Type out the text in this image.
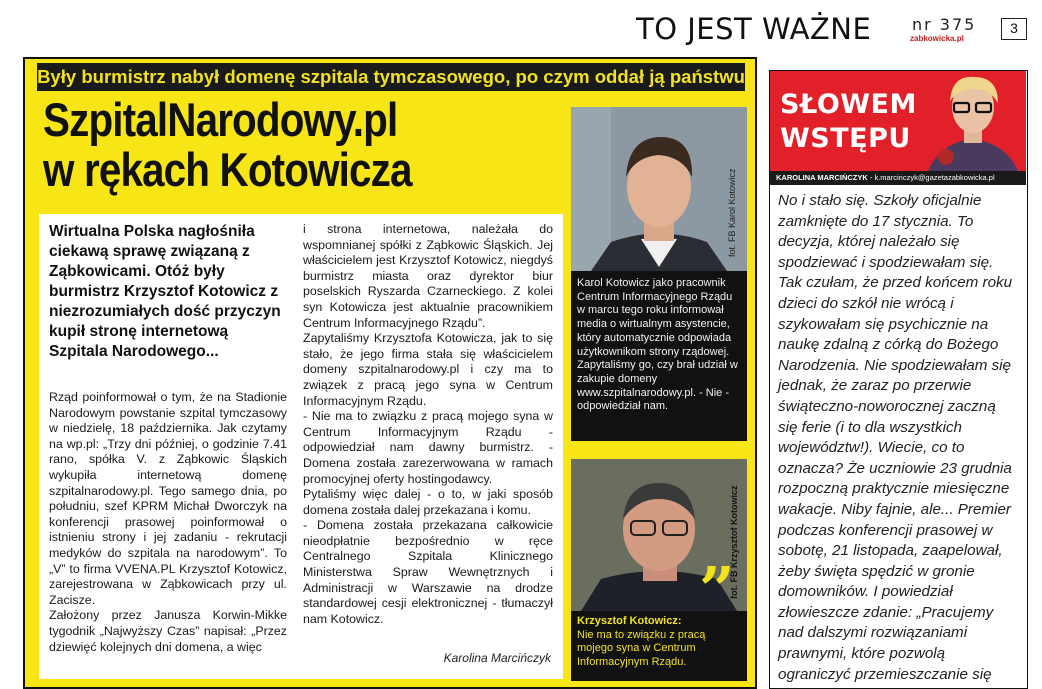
TO JEST WAŻNE	nr 375
zabkowicka.pl
3
Były burmistrz nabył domenę szpitala tymczasowego, po czym oddał ją państwu
SzpitalNarodowy.pl
w rękach Kotowicza
Wirtualna Polska nagłośniła ciekawą sprawę związaną z Ząbkowicami. Otóż były burmistrz Krzysztof Kotowicz z niezrozumiałych dość przyczyn kupił stronę internetową Szpitala Narodowego...

Rząd poinformował o tym, że na Stadionie Narodowym powstanie szpital tymczasowy w niedzielę, 18 października. Jak czytamy na wp.pl: „Trzy dni później, o godzinie 7.41 rano, spółka V. z Ząbkowic Śląskich wykupiła internetową domenę szpitalnarodowy.pl. Tego samego dnia, po południu, szef KPRM Michał Dworczyk na konferencji prasowej poinformował o istnieniu strony i jej zadaniu - rekrutacji medyków do szpitala na narodowym”. To „V” to firma VVENA.PL Krzysztof Kotowicz, zarejestrowana w Ząbkowicach przy ul. Zacisze.

Założony przez Janusza Korwin-Mikke tygodnik „Najwyższy Czas” napisał: „Przez dziewięć kolejnych dni domena, a więc

i strona internetowa, należała do wspomnianej spółki z Ząbkowic Śląskich. Jej właścicielem jest Krzysztof Kotowicz, niegdyś burmistrz miasta oraz dyrektor biur poselskich Ryszarda Czarneckiego. Z kolei syn Kotowicza jest aktualnie pracownikiem Centrum Informacyjnego Rządu”.

Zapytaliśmy Krzysztofa Kotowicza, jak to się stało, że jego firma stała się właścicielem domeny szpitalnarodowy.pl i czy ma to związek z pracą jego syna w Centrum Informacyjnym Rządu.

- Nie ma to związku z pracą mojego syna w Centrum Informacyjnym Rządu - odpowiedział nam dawny burmistrz. - Domena została zarezerwowana w ramach promocyjnej oferty hostingodawcy.

Pytaliśmy więc dalej - o to, w jaki sposób domena została dalej przekazana i komu.

- Domena została przekazana całkowicie nieodpłatnie bezpośrednio w ręce Centralnego Szpitala Klinicznego Ministerstwa Spraw Wewnętrznych i Administracji w Warszawie na drodze standardowej cesji elektronicznej - tłumaczył nam Kotowicz.

Karolina Marcińczyk
fot. FB Karol Kotowicz
Karol Kotowicz jako pracownik Centrum Informacyjnego Rządu w marcu tego roku informował media o wirtualnym asystencie, który automatycznie odpowiada użytkownikom strony rządowej. Zapytaliśmy go, czy brał udział w zakupie domeny www.szpitalnarodowy.pl. - Nie - odpowiedział nam.
fot. FB Krzysztof Kotowicz
”
Krzysztof Kotowicz:
Nie ma to związku z pracą mojego syna w Centrum Informacyjnym Rządu.
SŁOWEM
WSTĘPU
KAROLINA MARCIŃCZYK - k.marcinczyk@gazetazabkowicka.pl
No i stało się. Szkoły oficjalnie zamknięte do 17 stycznia. To decyzja, której należało się spodziewać i spodziewałam się. Tak czułam, że przed końcem roku dzieci do szkół nie wrócą i szykowałam się psychicznie na naukę zdalną z córką do Bożego Narodzenia. Nie spodziewałam się jednak, że zaraz po przerwie świąteczno-noworocznej zaczną się ferie (i to dla wszystkich województw!). Wiecie, co to oznacza? Że uczniowie 23 grudnia rozpoczną praktycznie miesięczne wakacje. Niby fajnie, ale... Premier podczas konferencji prasowej w sobotę, 21 listopada, zaapelował, żeby święta spędzić w gronie domowników. I powiedział złowieszcze zdanie: „Pracujemy nad dalszymi rozwiązaniami prawnymi, które pozwolą ograniczyć przemieszczanie się
